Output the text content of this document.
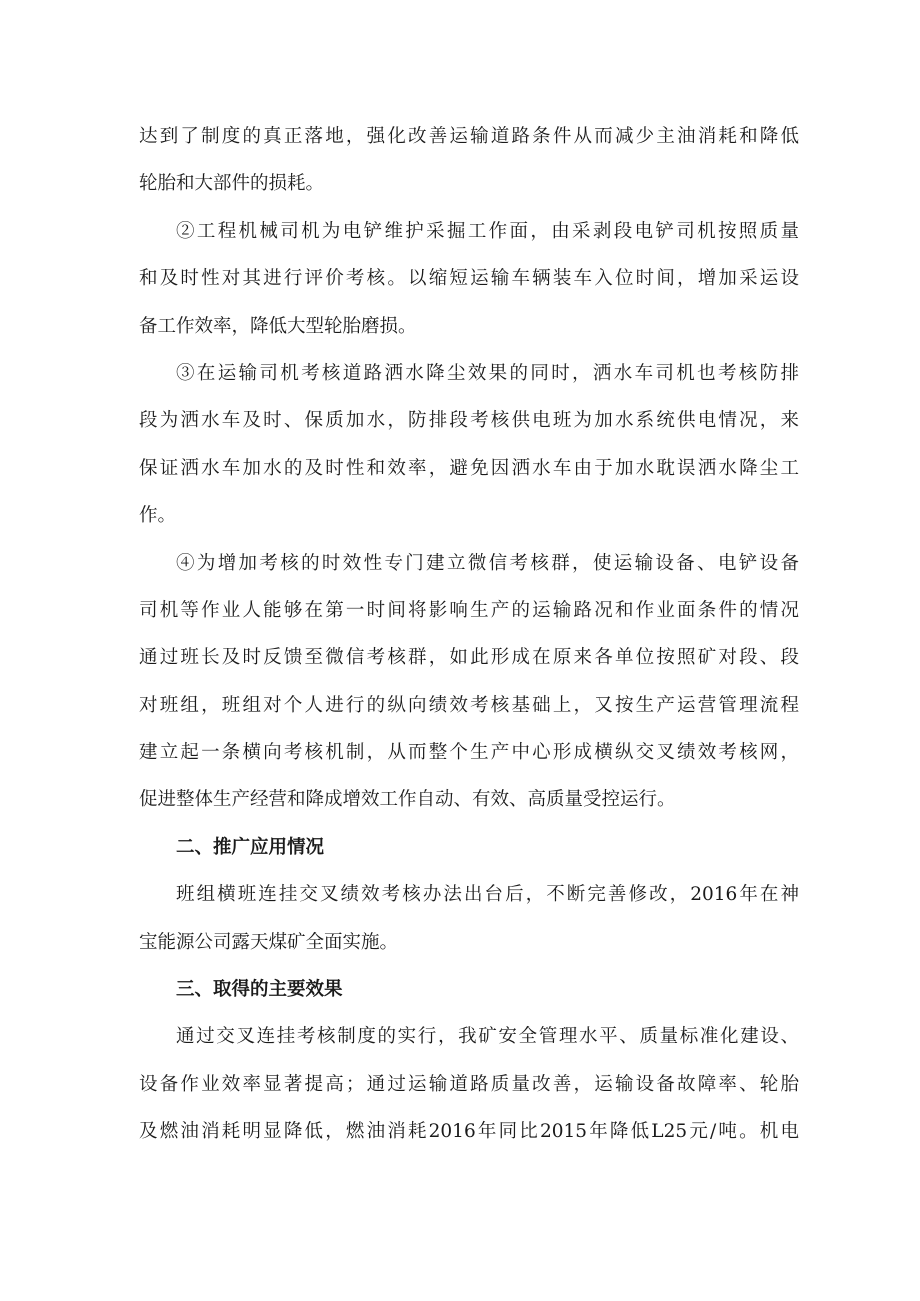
达到了制度的真正落地，强化改善运输道路条件从而减少主油消耗和降低
轮胎和大部件的损耗。
②工程机械司机为电铲维护采掘工作面，由采剥段电铲司机按照质量
和及时性对其进行评价考核。以缩短运输车辆装车入位时间，增加采运设
备工作效率，降低大型轮胎磨损。
③在运输司机考核道路洒水降尘效果的同时，洒水车司机也考核防排
段为洒水车及时、保质加水，防排段考核供电班为加水系统供电情况，来
保证洒水车加水的及时性和效率，避免因洒水车由于加水耽误洒水降尘工
作。
④为增加考核的时效性专门建立微信考核群，使运输设备、电铲设备
司机等作业人能够在第一时间将影响生产的运输路况和作业面条件的情况
通过班长及时反馈至微信考核群，如此形成在原来各单位按照矿对段、段
对班组，班组对个人进行的纵向绩效考核基础上，又按生产运营管理流程
建立起一条横向考核机制，从而整个生产中心形成横纵交叉绩效考核网，
促进整体生产经营和降成增效工作自动、有效、高质量受控运行。
二、推广应用情况
班组横班连挂交叉绩效考核办法出台后，不断完善修改，2016年在神
宝能源公司露天煤矿全面实施。
三、取得的主要效果
通过交叉连挂考核制度的实行，我矿安全管理水平、质量标准化建设、
设备作业效率显著提高；通过运输道路质量改善，运输设备故障率、轮胎
及燃油消耗明显降低，燃油消耗2016年同比2015年降低L25元/吨。机电
